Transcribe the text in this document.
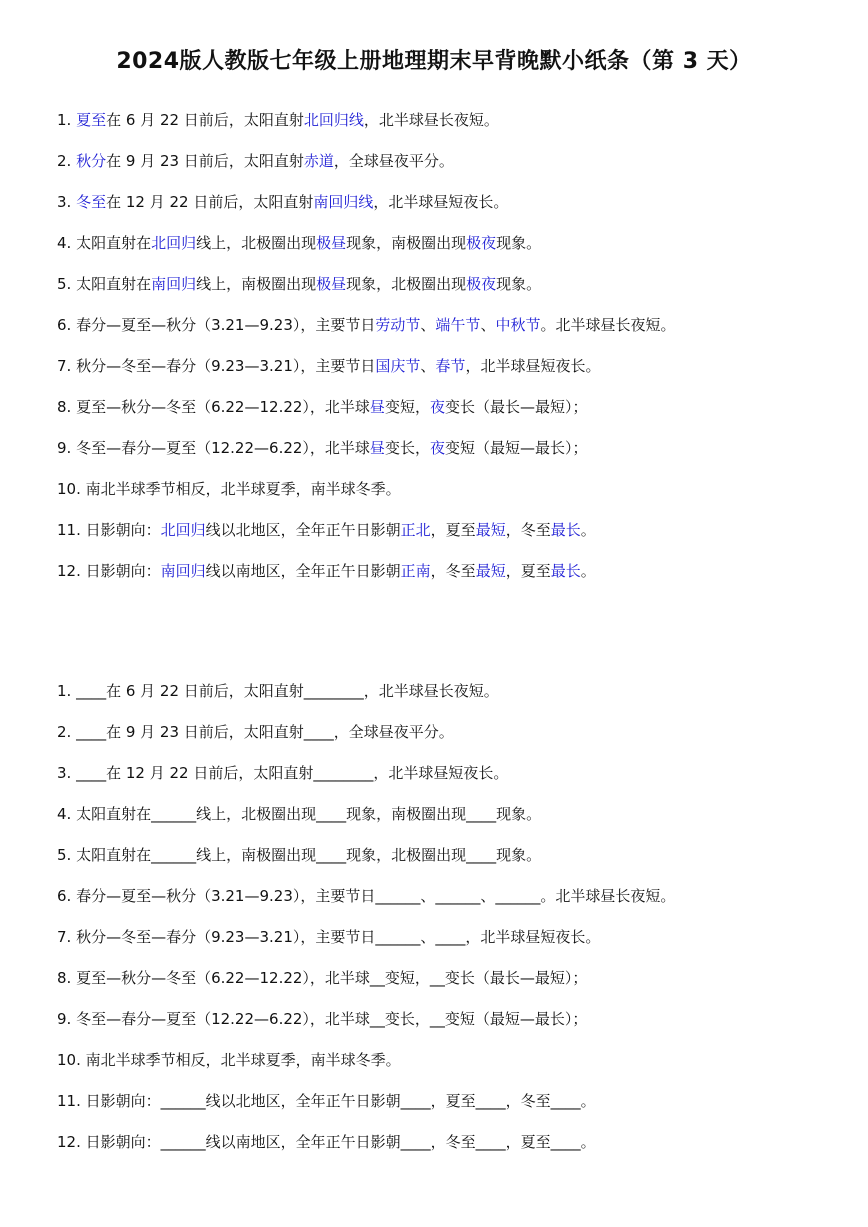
2024版人教版七年级上册地理期末早背晚默小纸条（第 3 天）
1. 夏至在 6 月 22 日前后，太阳直射北回归线，北半球昼长夜短。
2. 秋分在 9 月 23 日前后，太阳直射赤道，全球昼夜平分。
3. 冬至在 12 月 22 日前后，太阳直射南回归线，北半球昼短夜长。
4. 太阳直射在北回归线上，北极圈出现极昼现象，南极圈出现极夜现象。
5. 太阳直射在南回归线上，南极圈出现极昼现象，北极圈出现极夜现象。
6. 春分—夏至—秋分（3.21—9.23），主要节日劳动节、端午节、中秋节。北半球昼长夜短。
7. 秋分—冬至—春分（9.23—3.21），主要节日国庆节、春节，北半球昼短夜长。
8. 夏至—秋分—冬至（6.22—12.22），北半球昼变短，夜变长（最长—最短）；
9. 冬至—春分—夏至（12.22—6.22），北半球昼变长，夜变短（最短—最长）；
10. 南北半球季节相反，北半球夏季，南半球冬季。
11. 日影朝向：北回归线以北地区，全年正午日影朝正北，夏至最短，冬至最长。
12. 日影朝向：南回归线以南地区，全年正午日影朝正南，冬至最短，夏至最长。
1. ____在 6 月 22 日前后，太阳直射________，北半球昼长夜短。
2. ____在 9 月 23 日前后，太阳直射____，全球昼夜平分。
3. ____在 12 月 22 日前后，太阳直射________，北半球昼短夜长。
4. 太阳直射在______线上，北极圈出现____现象，南极圈出现____现象。
5. 太阳直射在______线上，南极圈出现____现象，北极圈出现____现象。
6. 春分—夏至—秋分（3.21—9.23），主要节日______、______、______。北半球昼长夜短。
7. 秋分—冬至—春分（9.23—3.21），主要节日______、____，北半球昼短夜长。
8. 夏至—秋分—冬至（6.22—12.22），北半球__变短，__变长（最长—最短）；
9. 冬至—春分—夏至（12.22—6.22），北半球__变长，__变短（最短—最长）；
10. 南北半球季节相反，北半球夏季，南半球冬季。
11. 日影朝向：______线以北地区，全年正午日影朝____，夏至____，冬至____。
12. 日影朝向：______线以南地区，全年正午日影朝____，冬至____，夏至____。
